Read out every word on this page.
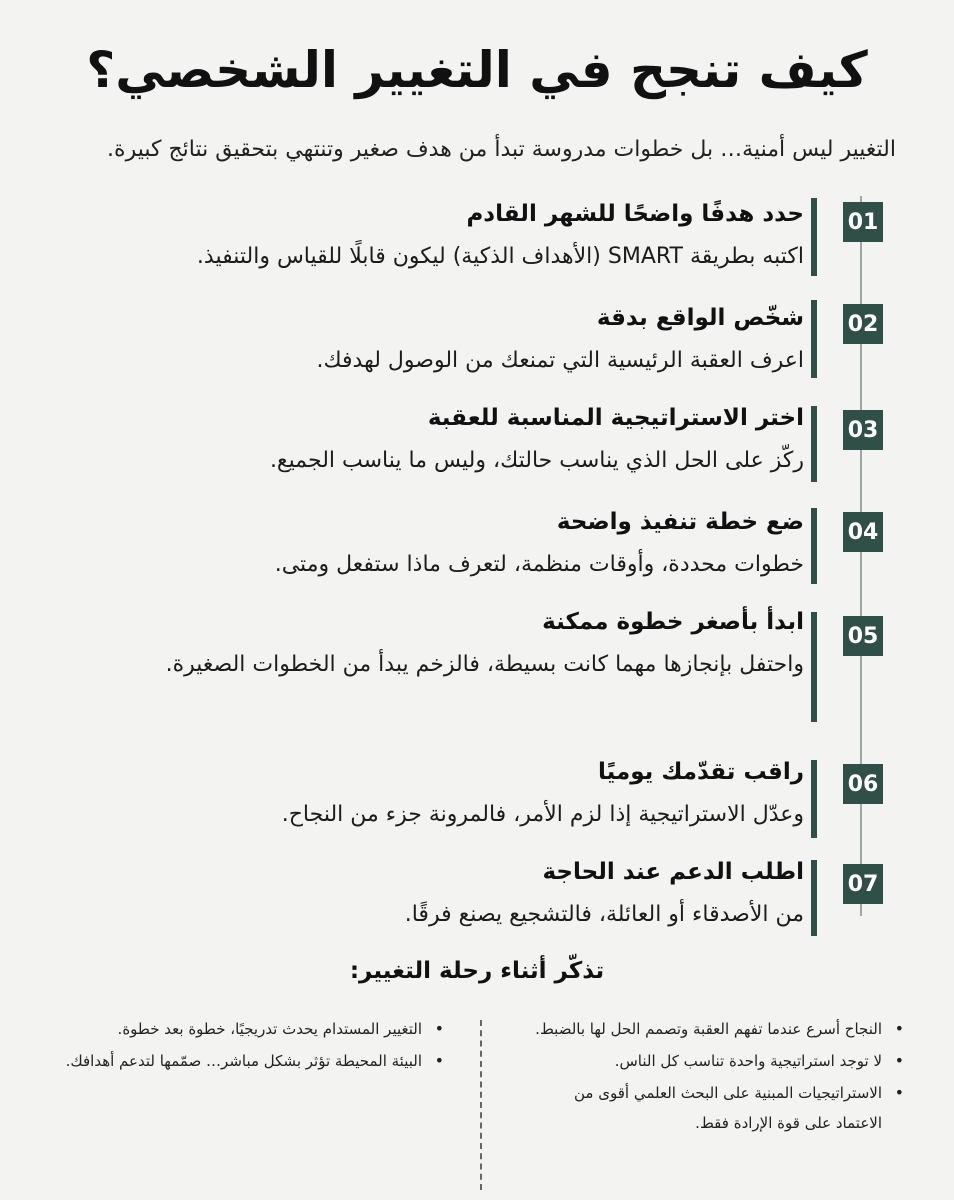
كيف تنجح في التغيير الشخصي؟

التغيير ليس أمنية… بل خطوات مدروسة تبدأ من هدف صغير وتنتهي بتحقيق نتائج كبيرة.

01

حدد هدفًا واضحًا للشهر القادم

اكتبه بطريقة SMART (الأهداف الذكية) ليكون قابلًا للقياس والتنفيذ.

02

شخّص الواقع بدقة

اعرف العقبة الرئيسية التي تمنعك من الوصول لهدفك.

03

اختر الاستراتيجية المناسبة للعقبة

ركّز على الحل الذي يناسب حالتك، وليس ما يناسب الجميع.

04

ضع خطة تنفيذ واضحة

خطوات محددة، وأوقات منظمة، لتعرف ماذا ستفعل ومتى.

05

ابدأ بأصغر خطوة ممكنة

واحتفل بإنجازها مهما كانت بسيطة، فالزخم يبدأ من الخطوات الصغيرة.

06

راقب تقدّمك يوميًا

وعدّل الاستراتيجية إذا لزم الأمر، فالمرونة جزء من النجاح.

07

اطلب الدعم عند الحاجة

من الأصدقاء أو العائلة، فالتشجيع يصنع فرقًا.

تذكّر أثناء رحلة التغيير:
• النجاح أسرع عندما تفهم العقبة وتصمم الحل لها بالضبط.
• لا توجد استراتيجية واحدة تناسب كل الناس.
• الاستراتيجيات المبنية على البحث العلمي أقوى من الاعتماد على قوة الإرادة فقط.
• التغيير المستدام يحدث تدريجيًا، خطوة بعد خطوة.
• البيئة المحيطة تؤثر بشكل مباشر… صمّمها لتدعم أهدافك.
